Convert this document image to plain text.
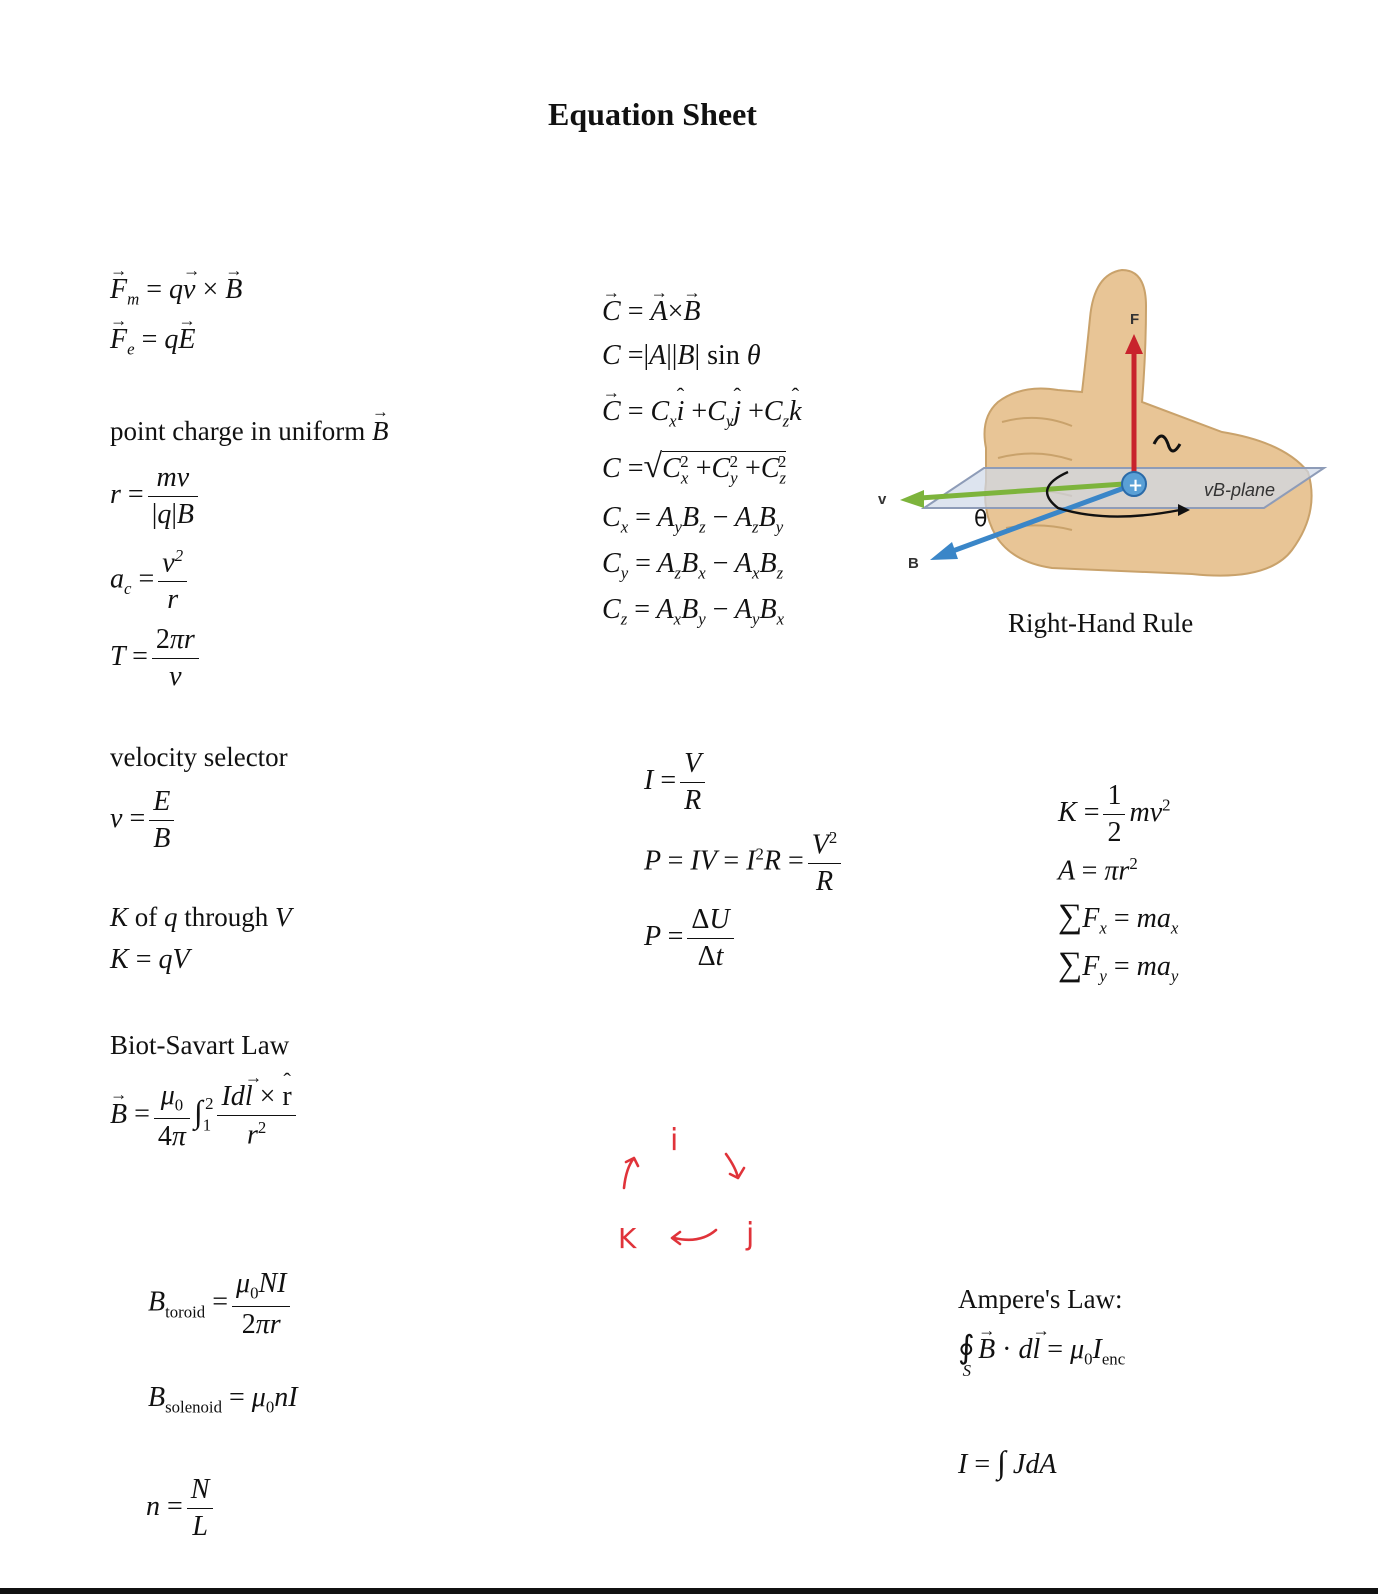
Equation Sheet
→ $F_m = q\to v$ × → B
→ $F_e = q\to E$
point charge in uniform → B
$r = \frac{mv}{|q|B}$
$a_c = \frac{v^2}{r}$
$T = \frac{2\pi r}{v}$
velocity selector
$v = \frac{E}{B}$
K of q through V
K = qV
Biot-Savart Law
→ $B = \frac{\mu_0}{4\pi} \int_1^2 \frac{\text{Id→ l × ˆ r}}{r^2}$
$B_{toroid} = \frac{\mu_0NI}{2\pi r}$
$B_{solenoid} = \mu_0nI$
$n = \frac{N}{L}$
→ C = → A×→ B
C =|A||B| sin θ
→ $C = C_xˆ$ $i +C_yˆ$ $j +C_zˆ$ k
$C =√C_x^2 +C_y^2 +C_z^2$
$C_x = A_yB_z - A_zB_y$
$C_y = A_zB_x - A_xB_z$
$C_z = A_xB_y - A_yB_x$
$I = \frac{V}{R}$
P = IV = $I^2R = \frac{V^2}{R}$
$P = \frac{\Delta U}{\Delta t}$
i
j
K
vB-plane
F
v
B
+
θ
Right-Hand Rule
$K = \frac{1}{2} mv^2$
$A = \pi r^2$
$\sum F_x = ma_x$
$\sum F_y = ma_y$
Ampere's Law:
$∮_S \to B \cdot d\to l = \mu_0I_{enc}$
I = ∫ JdA
